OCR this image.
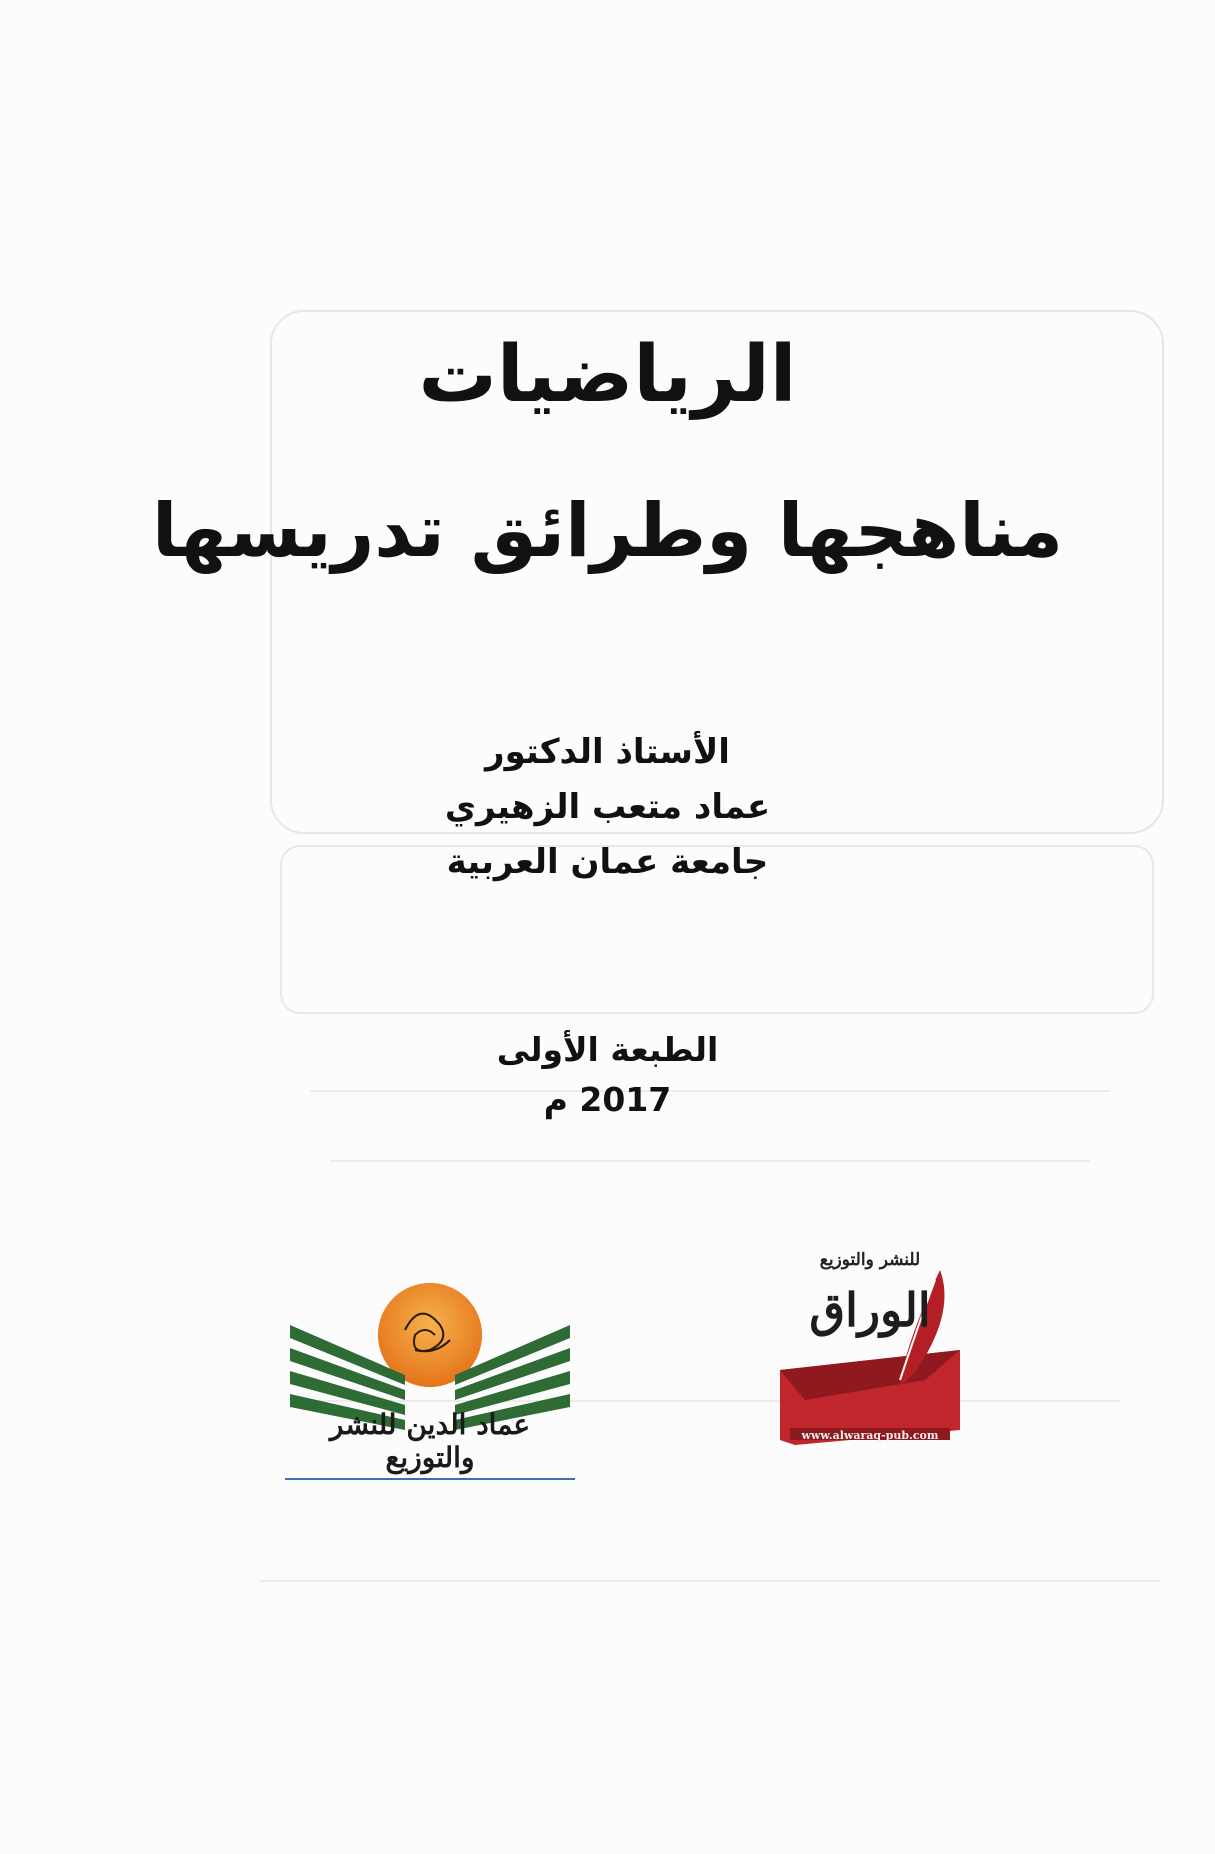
الرياضيات
مناهجها وطرائق تدريسها
الأستاذ الدكتور
عماد متعب الزهيري
جامعة عمان العربية
الطبعة الأولى
2017 م
عماد الدين للنشر والتوزيع
للنشر والتوزيع
الوراق
www.alwaraq-pub.com
